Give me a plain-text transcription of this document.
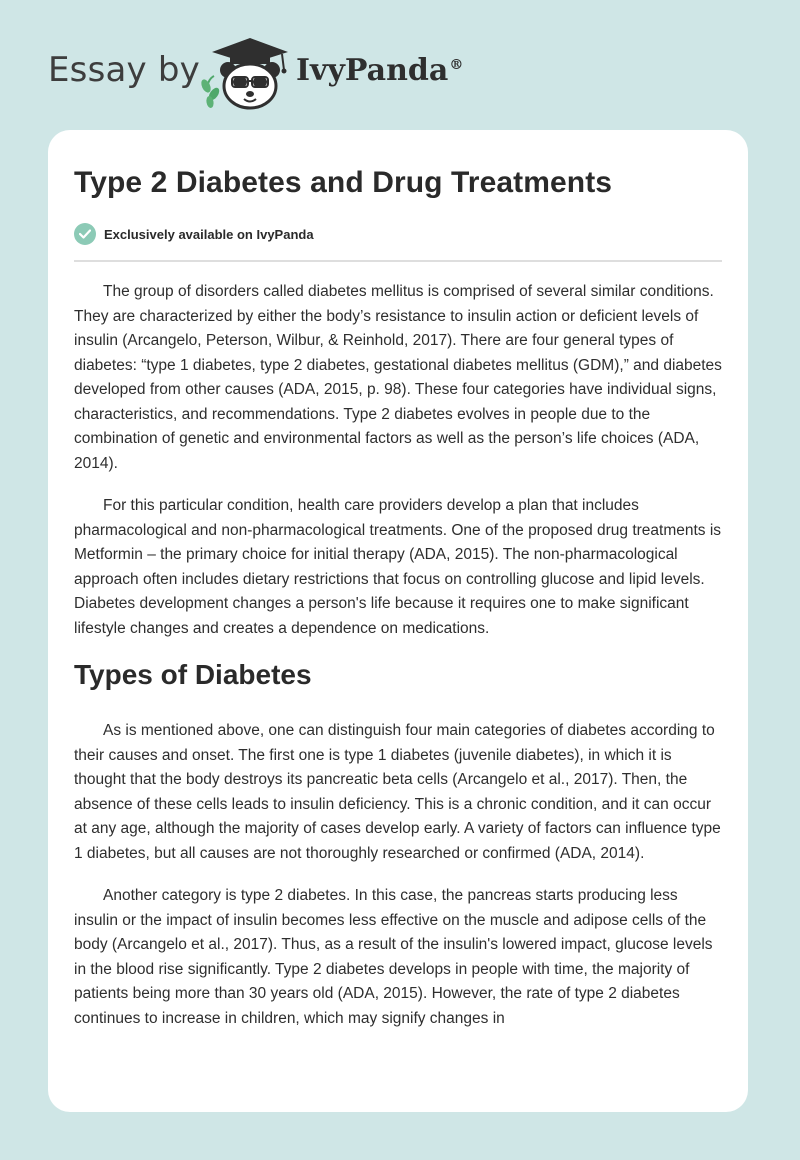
Essay by	IvyPanda®
Type 2 Diabetes and Drug Treatments
Exclusively available on IvyPanda

The group of disorders called diabetes mellitus is comprised of several similar conditions. They are characterized by either the body’s resistance to insulin action or deficient levels of insulin (Arcangelo, Peterson, Wilbur, & Reinhold, 2017). There are four general types of diabetes: “type 1 diabetes, type 2 diabetes, gestational diabetes mellitus (GDM),” and diabetes developed from other causes (ADA, 2015, p. 98). These four categories have individual signs, characteristics, and recommendations. Type 2 diabetes evolves in people due to the combination of genetic and environmental factors as well as the person’s life choices (ADA, 2014).

For this particular condition, health care providers develop a plan that includes pharmacological and non-pharmacological treatments. One of the proposed drug treatments is Metformin – the primary choice for initial therapy (ADA, 2015). The non-pharmacological approach often includes dietary restrictions that focus on controlling glucose and lipid levels. Diabetes development changes a person's life because it requires one to make significant lifestyle changes and creates a dependence on medications.

Types of Diabetes

As is mentioned above, one can distinguish four main categories of diabetes according to their causes and onset. The first one is type 1 diabetes (juvenile diabetes), in which it is thought that the body destroys its pancreatic beta cells (Arcangelo et al., 2017). Then, the absence of these cells leads to insulin deficiency. This is a chronic condition, and it can occur at any age, although the majority of cases develop early. A variety of factors can influence type 1 diabetes, but all causes are not thoroughly researched or confirmed (ADA, 2014).

Another category is type 2 diabetes. In this case, the pancreas starts producing less insulin or the impact of insulin becomes less effective on the muscle and adipose cells of the body (Arcangelo et al., 2017). Thus, as a result of the insulin's lowered impact, glucose levels in the blood rise significantly. Type 2 diabetes develops in people with time, the majority of patients being more than 30 years old (ADA, 2015). However, the rate of type 2 diabetes continues to increase in children, which may signify changes in
